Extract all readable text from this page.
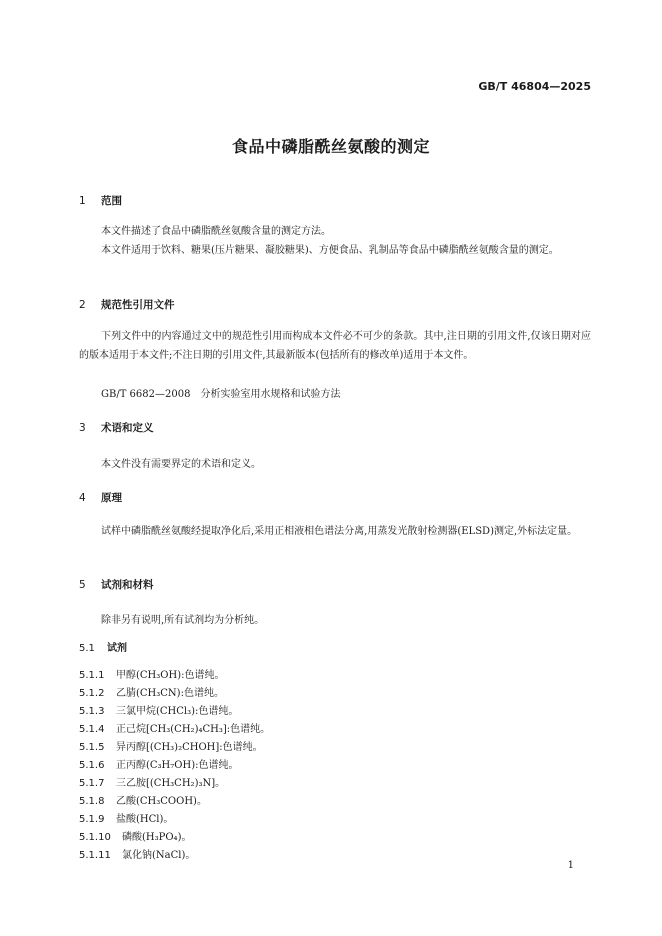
GB/T 46804—2025
食品中磷脂酰丝氨酸的测定
1 范围
本文件描述了食品中磷脂酰丝氨酸含量的测定方法。
本文件适用于饮料、糖果(压片糖果、凝胶糖果)、方便食品、乳制品等食品中磷脂酰丝氨酸含量的测定。
2 规范性引用文件
下列文件中的内容通过文中的规范性引用而构成本文件必不可少的条款。其中,注日期的引用文件,仅该日期对应的版本适用于本文件;不注日期的引用文件,其最新版本(包括所有的修改单)适用于本文件。
GB/T 6682—2008　分析实验室用水规格和试验方法
3 术语和定义
本文件没有需要界定的术语和定义。
4 原理
试样中磷脂酰丝氨酸经提取净化后,采用正相液相色谱法分离,用蒸发光散射检测器(ELSD)测定,外标法定量。
5 试剂和材料
除非另有说明,所有试剂均为分析纯。
5.1 试剂
5.1.1 甲醇(CH₃OH):色谱纯。
5.1.2 乙腈(CH₃CN):色谱纯。
5.1.3 三氯甲烷(CHCl₃):色谱纯。
5.1.4 正己烷[CH₃(CH₂)₄CH₃]:色谱纯。
5.1.5 异丙醇[(CH₃)₂CHOH]:色谱纯。
5.1.6 正丙醇(C₃H₇OH):色谱纯。
5.1.7 三乙胺[(CH₃CH₂)₃N]。
5.1.8 乙酸(CH₃COOH)。
5.1.9 盐酸(HCl)。
5.1.10 磷酸(H₃PO₄)。
5.1.11 氯化钠(NaCl)。
1
